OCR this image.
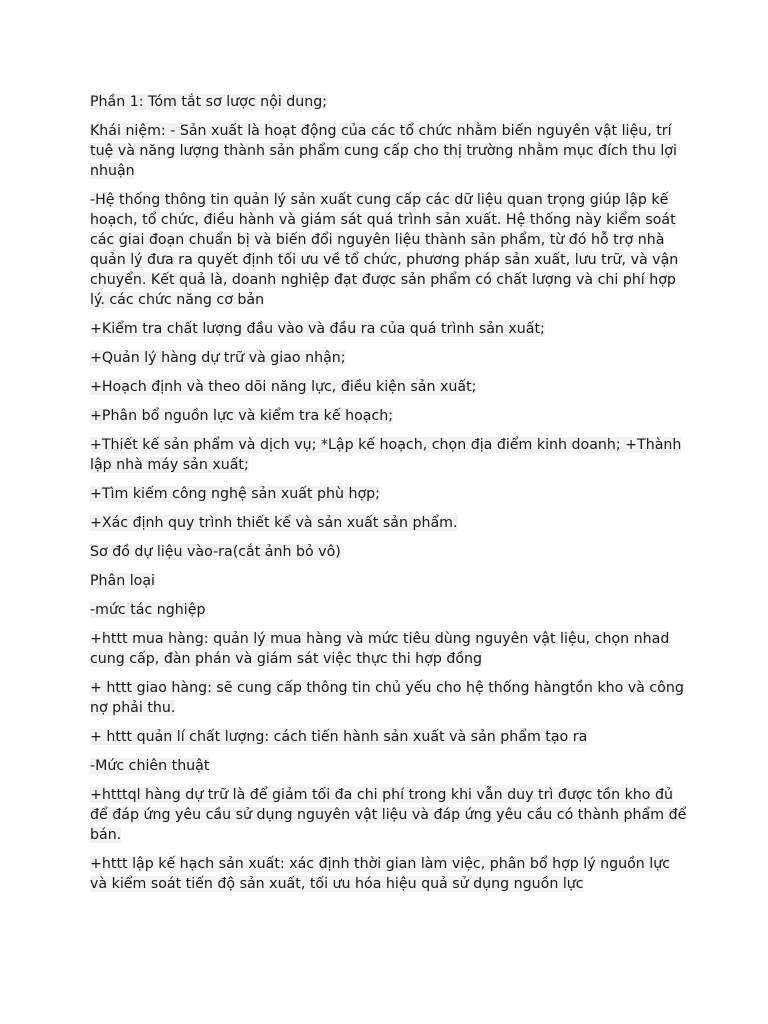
Phần 1: Tóm tắt sơ lược nội dung;

Khái niệm: - Sản xuất là hoạt động của các tổ chức nhằm biến nguyên vật liệu, trí tuệ và năng lượng thành sản phẩm cung cấp cho thị trường nhằm mục đích thu lợi nhuận

-Hệ thống thông tin quản lý sản xuất cung cấp các dữ liệu quan trọng giúp lập kế hoạch, tổ chức, điều hành và giám sát quá trình sản xuất. Hệ thống này kiểm soát các giai đoạn chuẩn bị và biến đổi nguyên liệu thành sản phẩm, từ đó hỗ trợ nhà quản lý đưa ra quyết định tối ưu về tổ chức, phương pháp sản xuất, lưu trữ, và vận chuyển. Kết quả là, doanh nghiệp đạt được sản phẩm có chất lượng và chi phí hợp lý. các chức năng cơ bản

+Kiểm tra chất lượng đầu vào và đầu ra của quá trình sản xuất;

+Quản lý hàng dự trữ và giao nhận;

+Hoạch định và theo dõi năng lực, điều kiện sản xuất;

+Phân bổ nguồn lực và kiểm tra kế hoạch;

+Thiết kế sản phẩm và dịch vụ; *Lập kế hoạch, chọn địa điểm kinh doanh; +Thành lập nhà máy sản xuất;

+Tìm kiếm công nghệ sản xuất phù hợp;

+Xác định quy trình thiết kế và sản xuất sản phẩm.

Sơ đồ dự liệu vào-ra(cắt ảnh bỏ vô)

Phân loại

-mức tác nghiệp

+httt mua hàng: quản lý mua hàng và mức tiêu dùng nguyên vật liệu, chọn nhad cung cấp, đàn phán và giám sát việc thực thi hợp đồng

+ httt giao hàng: sẽ cung cấp thông tin chủ yếu cho hệ thống hàngtồn kho và công nợ phải thu.

+ httt quản lí chất lượng: cách tiến hành sản xuất và sản phẩm tạo ra

-Mức chiên thuật

+htttql hàng dự trữ là để giảm tối đa chi phí trong khi vẫn duy trì được tồn kho đủ để đáp ứng yêu cầu sử dụng nguyên vật liệu và đáp ứng yêu cầu có thành phẩm để bán.

+httt lập kế hạch sản xuất: xác định thời gian làm việc, phân bổ hợp lý nguồn lực và kiểm soát tiến độ sản xuất, tối ưu hóa hiệu quả sử dụng nguồn lực
